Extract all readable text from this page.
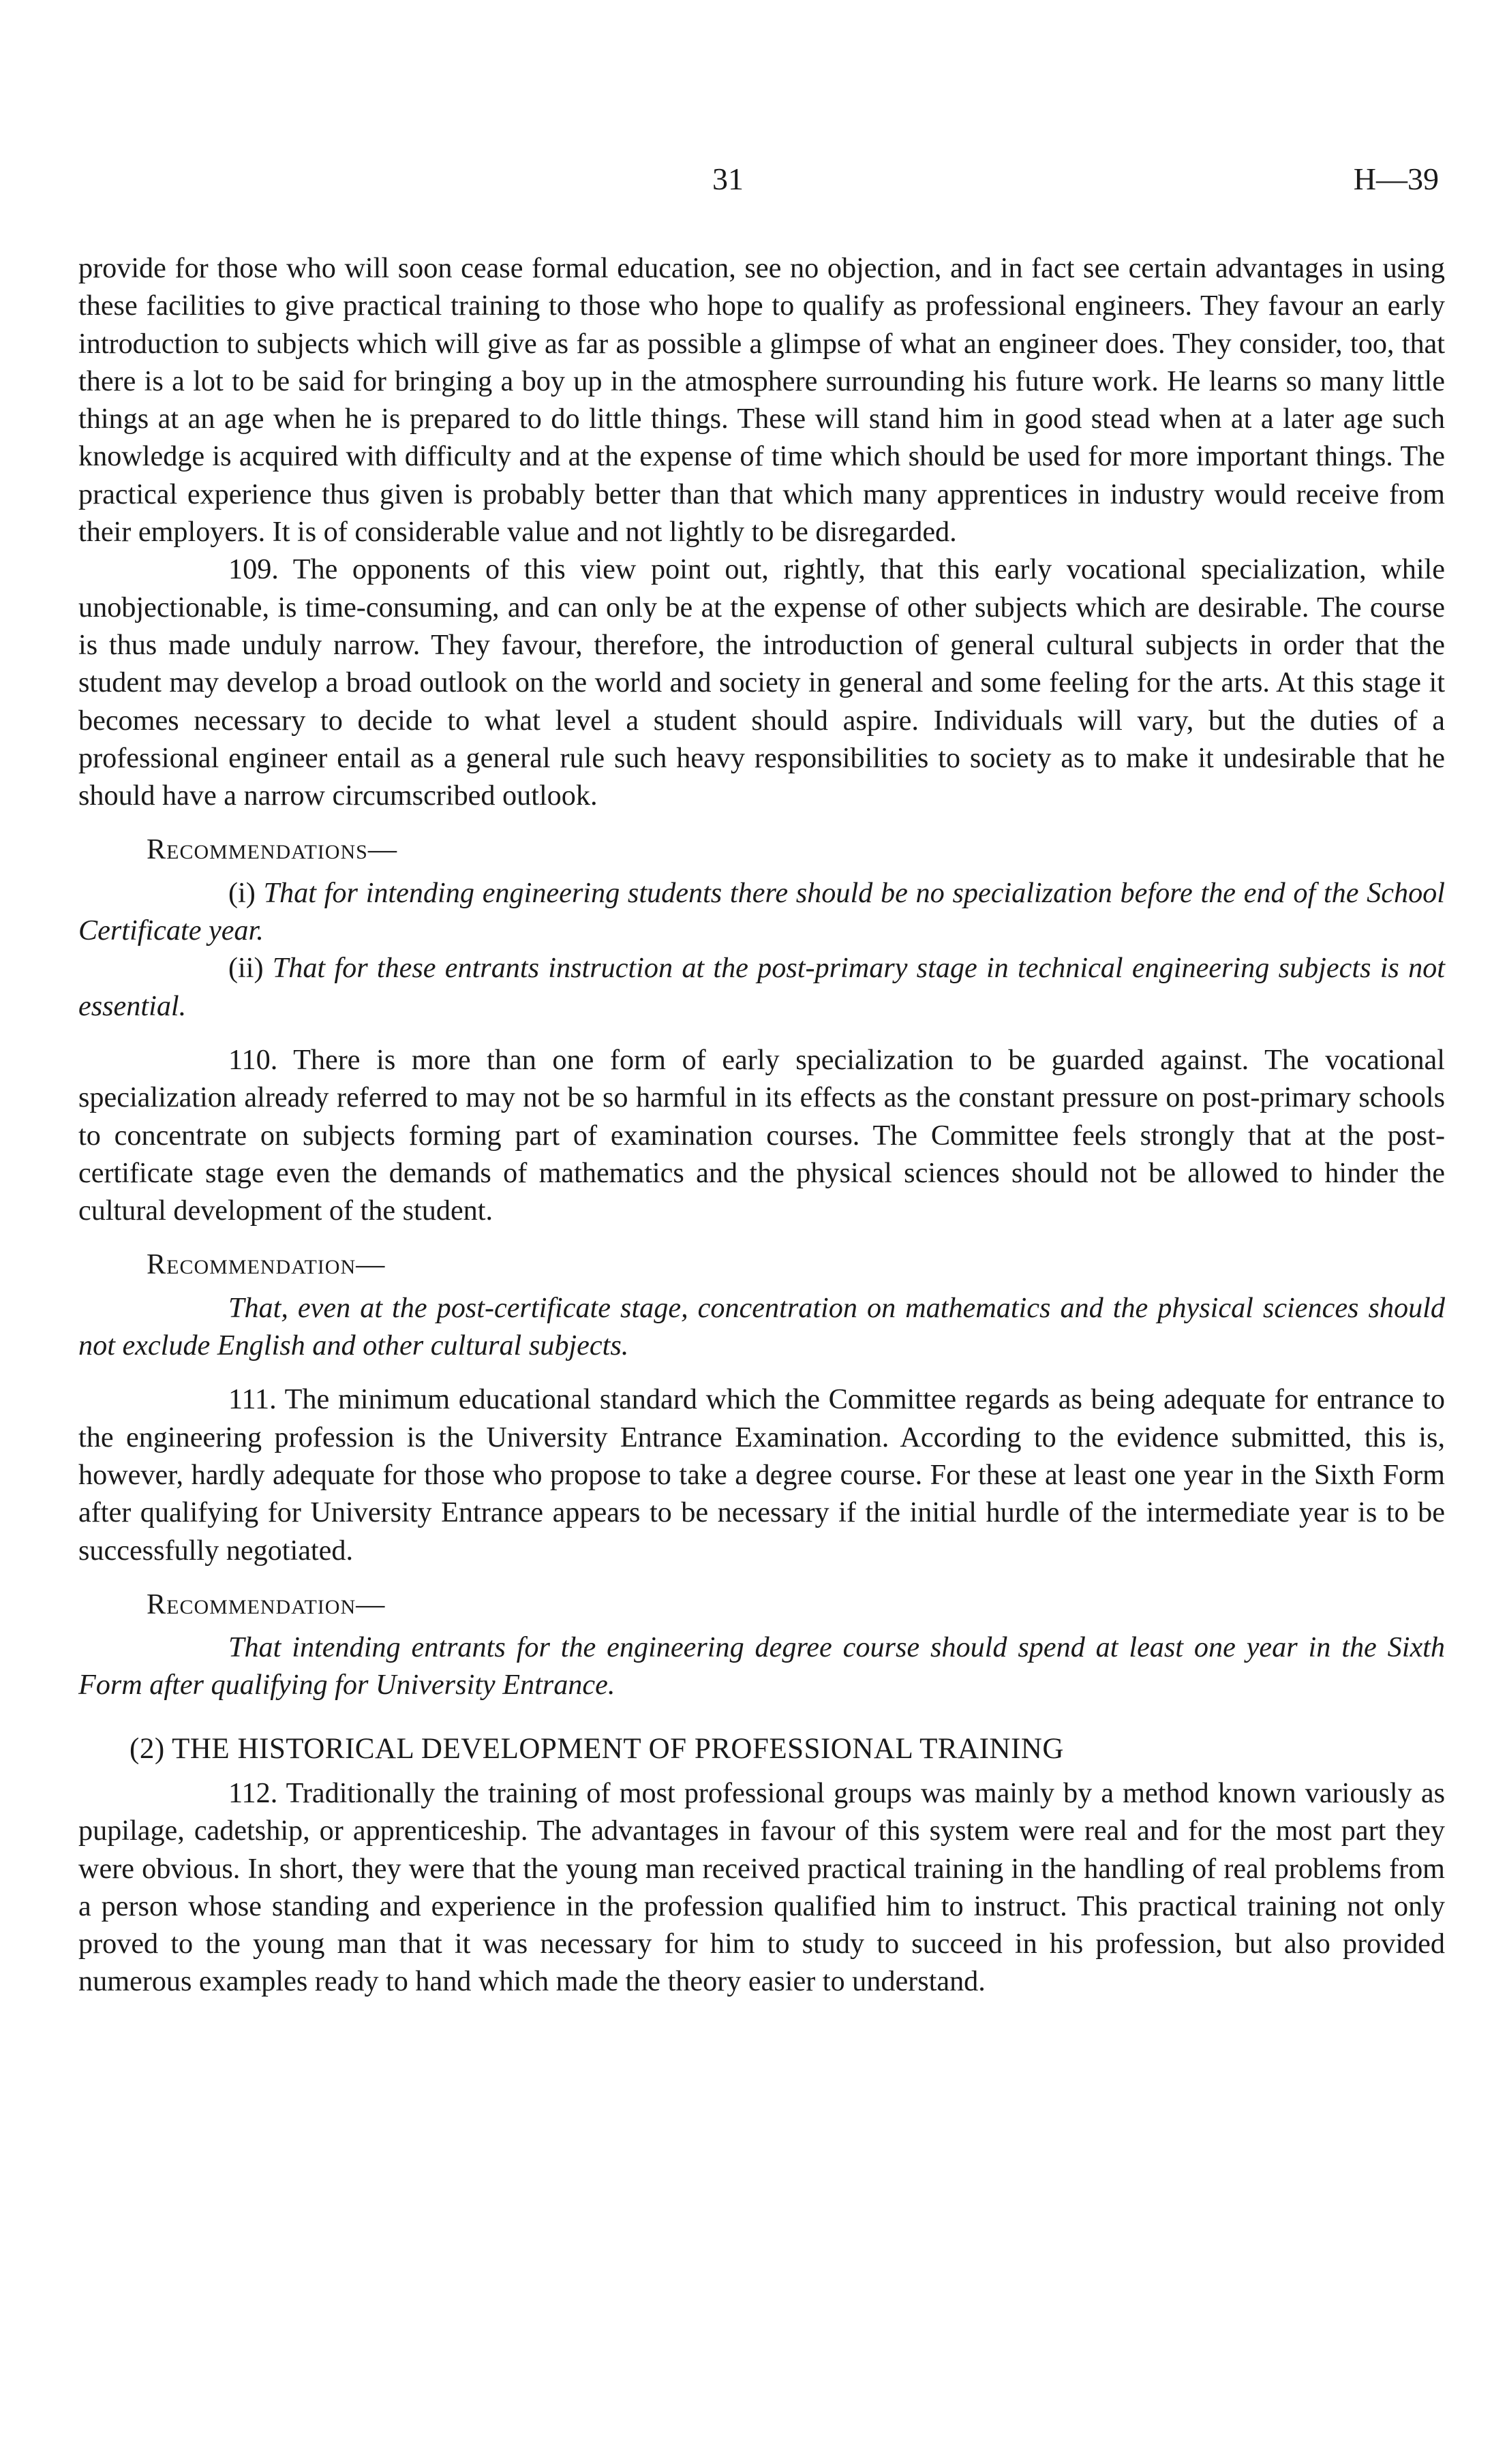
31	H—39

provide for those who will soon cease formal education, see no objection, and in fact see certain advantages in using these facilities to give practical training to those who hope to qualify as professional engineers. They favour an early introduction to subjects which will give as far as possible a glimpse of what an engineer does. They consider, too, that there is a lot to be said for bringing a boy up in the atmosphere surrounding his future work. He learns so many little things at an age when he is prepared to do little things. These will stand him in good stead when at a later age such knowledge is acquired with difficulty and at the expense of time which should be used for more important things. The practical experience thus given is probably better than that which many apprentices in industry would receive from their employers. It is of considerable value and not lightly to be disregarded.

109. The opponents of this view point out, rightly, that this early vocational specialization, while unobjectionable, is time-consuming, and can only be at the expense of other subjects which are desirable. The course is thus made unduly narrow. They favour, therefore, the introduction of general cultural subjects in order that the student may develop a broad outlook on the world and society in general and some feeling for the arts. At this stage it becomes necessary to decide to what level a student should aspire. Individuals will vary, but the duties of a professional engineer entail as a general rule such heavy responsibilities to society as to make it undesirable that he should have a narrow circumscribed outlook.

Recommendations—

(i) That for intending engineering students there should be no specialization before the end of the School Certificate year.

(ii) That for these entrants instruction at the post-primary stage in technical engineering subjects is not essential.

110. There is more than one form of early specialization to be guarded against. The vocational specialization already referred to may not be so harmful in its effects as the constant pressure on post-primary schools to concentrate on subjects forming part of examination courses. The Committee feels strongly that at the post-certificate stage even the demands of mathematics and the physical sciences should not be allowed to hinder the cultural development of the student.

Recommendation—

That, even at the post-certificate stage, concentration on mathematics and the physical sciences should not exclude English and other cultural subjects.

111. The minimum educational standard which the Committee regards as being adequate for entrance to the engineering profession is the University Entrance Examination. According to the evidence submitted, this is, however, hardly adequate for those who propose to take a degree course. For these at least one year in the Sixth Form after qualifying for University Entrance appears to be necessary if the initial hurdle of the intermediate year is to be successfully negotiated.

Recommendation—

That intending entrants for the engineering degree course should spend at least one year in the Sixth Form after qualifying for University Entrance.

(2) THE HISTORICAL DEVELOPMENT OF PROFESSIONAL TRAINING

112. Traditionally the training of most professional groups was mainly by a method known variously as pupilage, cadetship, or apprenticeship. The advantages in favour of this system were real and for the most part they were obvious. In short, they were that the young man received practical training in the handling of real problems from a person whose standing and experience in the profession qualified him to instruct. This practical training not only proved to the young man that it was necessary for him to study to succeed in his profession, but also provided numerous examples ready to hand which made the theory easier to understand.
